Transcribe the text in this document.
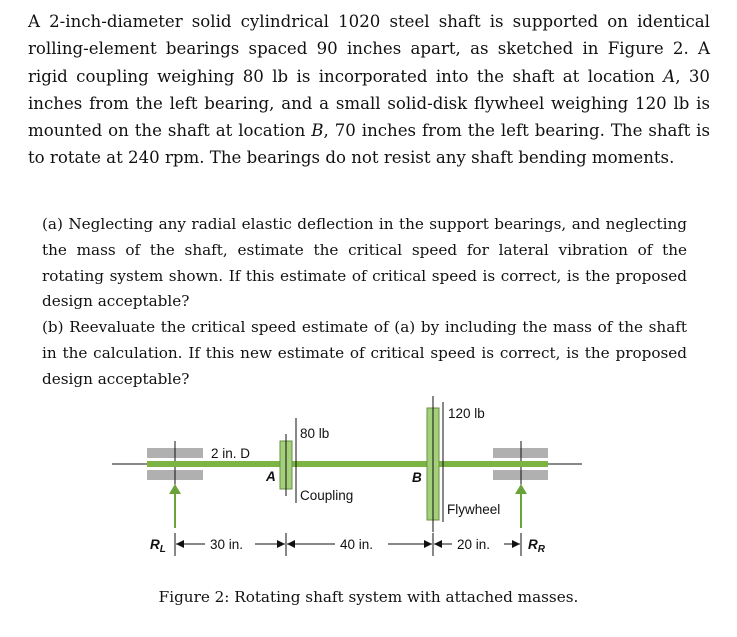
A 2-inch-diameter solid cylindrical 1020 steel shaft is supported on identical rolling-element bearings spaced 90 inches apart, as sketched in Figure 2. A rigid coupling weighing 80 lb is incorporated into the shaft at location A, 30 inches from the left bearing, and a small solid-disk flywheel weighing 120 lb is mounted on the shaft at location B, 70 inches from the left bearing. The shaft is to rotate at 240 rpm. The bearings do not resist any shaft bending moments.

(a) Neglecting any radial elastic deflection in the support bearings, and neglecting the mass of the shaft, estimate the critical speed for lateral vibration of the rotating system shown. If this estimate of critical speed is correct, is the proposed design acceptable?

(b) Reevaluate the critical speed estimate of (a) by including the mass of the shaft in the calculation. If this new estimate of critical speed is correct, is the proposed design acceptable?

2 in. D
80 lb
Coupling
A
120 lb
Flywheel
B
30 in.	40 in.	20 in.
$R_L$	$R_R$
Figure 2: Rotating shaft system with attached masses.
